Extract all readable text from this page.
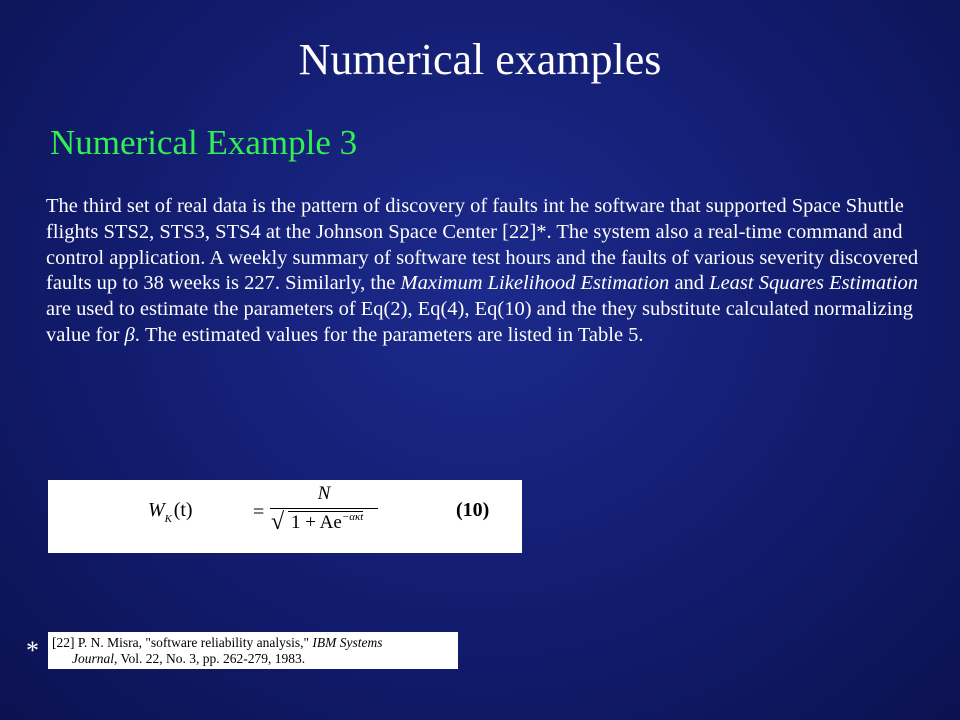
Numerical examples
Numerical Example 3

The third set of real data is the pattern of discovery of faults int he software that supported Space Shuttle flights STS2, STS3, STS4 at the Johnson Space Center [22]*. The system also a real-time command and control application. A weekly summary of software test hours and the faults of various severity discovered faults up to 38 weeks is 227. Similarly, the Maximum Likelihood Estimation and Least Squares Estimation are used to estimate the parameters of Eq(2), Eq(4), Eq(10) and the they substitute calculated normalizing value for β. The estimated values for the parameters are listed in Table 5.

$W_K$ (t)	=
N
√ $1 + Ae^{-\alpha\kappa t}$	(10)
* [22] P. N. Misra, "software reliability analysis," IBM Systems
Journal, Vol. 22, No. 3, pp. 262-279, 1983.
